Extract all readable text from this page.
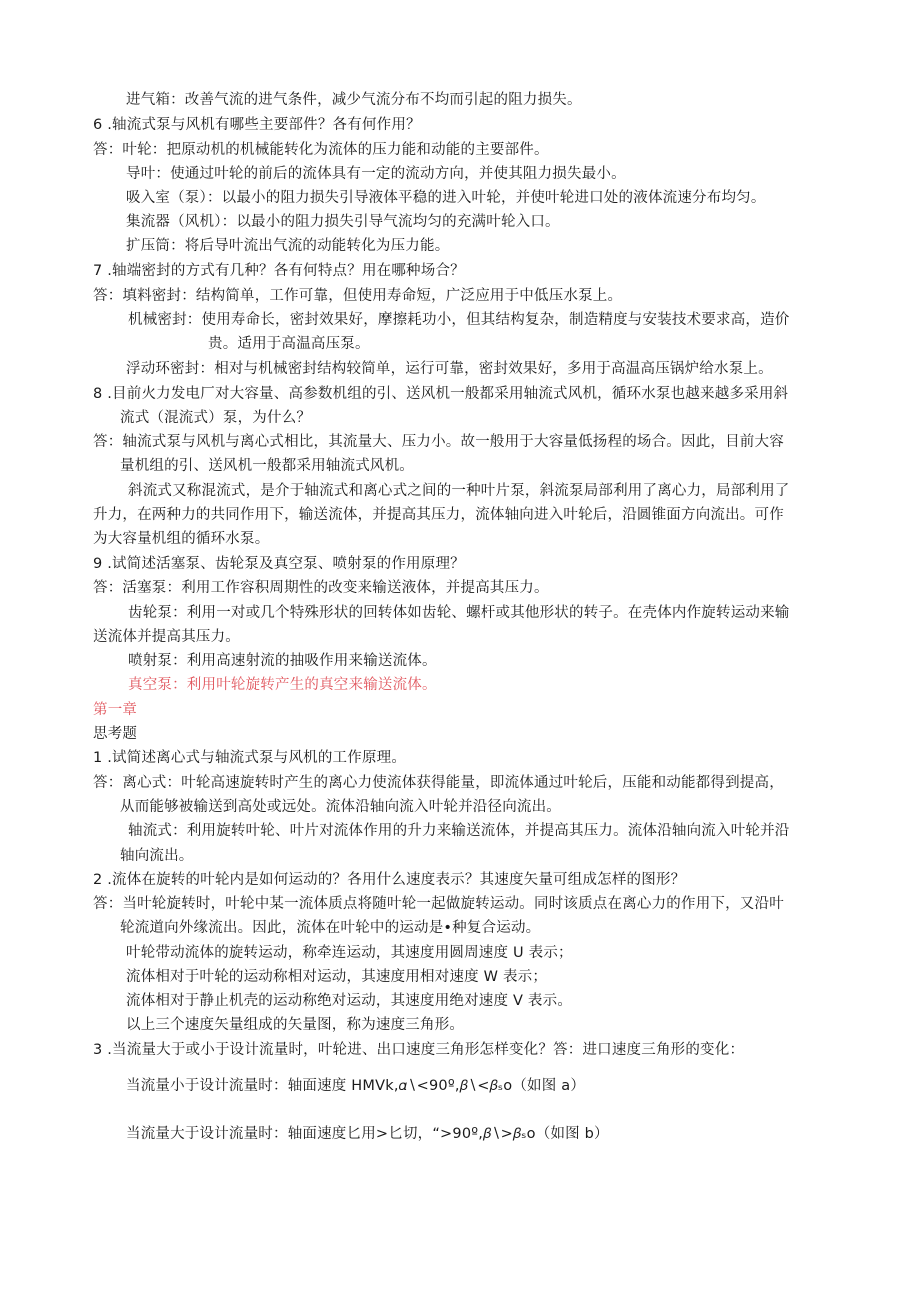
进气箱：改善气流的进气条件，减少气流分布不均而引起的阻力损失。
6 .轴流式泵与风机有哪些主要部件？各有何作用？
答：叶轮：把原动机的机械能转化为流体的压力能和动能的主要部件。
导叶：使通过叶轮的前后的流体具有一定的流动方向，并使其阻力损失最小。
吸入室（泵）：以最小的阻力损失引导液体平稳的进入叶轮，并使叶轮进口处的液体流速分布均匀。
集流器（风机）：以最小的阻力损失引导气流均匀的充满叶轮入口。
扩压筒：将后导叶流出气流的动能转化为压力能。
7 .轴端密封的方式有几种？各有何特点？用在哪种场合？
答：填料密封：结构简单，工作可靠，但使用寿命短，广泛应用于中低压水泵上。
机械密封：使用寿命长，密封效果好，摩擦耗功小，但其结构复杂，制造精度与安装技术要求高，造价
贵。适用于高温高压泵。
浮动环密封：相对与机械密封结构较简单，运行可靠，密封效果好，多用于高温高压锅炉给水泵上。
8 .目前火力发电厂对大容量、高参数机组的引、送风机一般都采用轴流式风机，循环水泵也越来越多采用斜
流式（混流式）泵，为什么？
答：轴流式泵与风机与离心式相比，其流量大、压力小。故一般用于大容量低扬程的场合。因此，目前大容
量机组的引、送风机一般都采用轴流式风机。
斜流式又称混流式，是介于轴流式和离心式之间的一种叶片泵，斜流泵局部利用了离心力，局部利用了
升力，在两种力的共同作用下，输送流体，并提高其压力，流体轴向进入叶轮后，沿圆锥面方向流出。可作
为大容量机组的循环水泵。
9 .试简述活塞泵、齿轮泵及真空泵、喷射泵的作用原理？
答：活塞泵：利用工作容积周期性的改变来输送液体，并提高其压力。
齿轮泵：利用一对或几个特殊形状的回转体如齿轮、螺杆或其他形状的转子。在壳体内作旋转运动来输
送流体并提高其压力。
喷射泵：利用高速射流的抽吸作用来输送流体。
真空泵：利用叶轮旋转产生的真空来输送流体。
第一章
思考题
1 .试简述离心式与轴流式泵与风机的工作原理。
答：离心式：叶轮高速旋转时产生的离心力使流体获得能量，即流体通过叶轮后，压能和动能都得到提高，
从而能够被输送到高处或远处。流体沿轴向流入叶轮并沿径向流出。
轴流式：利用旋转叶轮、叶片对流体作用的升力来输送流体，并提高其压力。流体沿轴向流入叶轮并沿
轴向流出。
2 .流体在旋转的叶轮内是如何运动的？各用什么速度表示？其速度矢量可组成怎样的图形？
答：当叶轮旋转时，叶轮中某一流体质点将随叶轮一起做旋转运动。同时该质点在离心力的作用下，又沿叶
轮流道向外缘流出。因此，流体在叶轮中的运动是•种复合运动。
叶轮带动流体的旋转运动，称牵连运动，其速度用圆周速度 U 表示；
流体相对于叶轮的运动称相对运动，其速度用相对速度 W 表示；
流体相对于静止机壳的运动称绝对运动，其速度用绝对速度 V 表示。
以上三个速度矢量组成的矢量图，称为速度三角形。
3 .当流量大于或小于设计流量时，叶轮进、出口速度三角形怎样变化？答：进口速度三角形的变化：
当流量小于设计流量时：轴面速度 HMVk,𝛼∖<90º,𝛽∖<𝛽ₛo（如图 a）
当流量大于设计流量时：轴面速度匕用>匕切，“>90º,𝛽∖>𝛽ₛo（如图 b）
